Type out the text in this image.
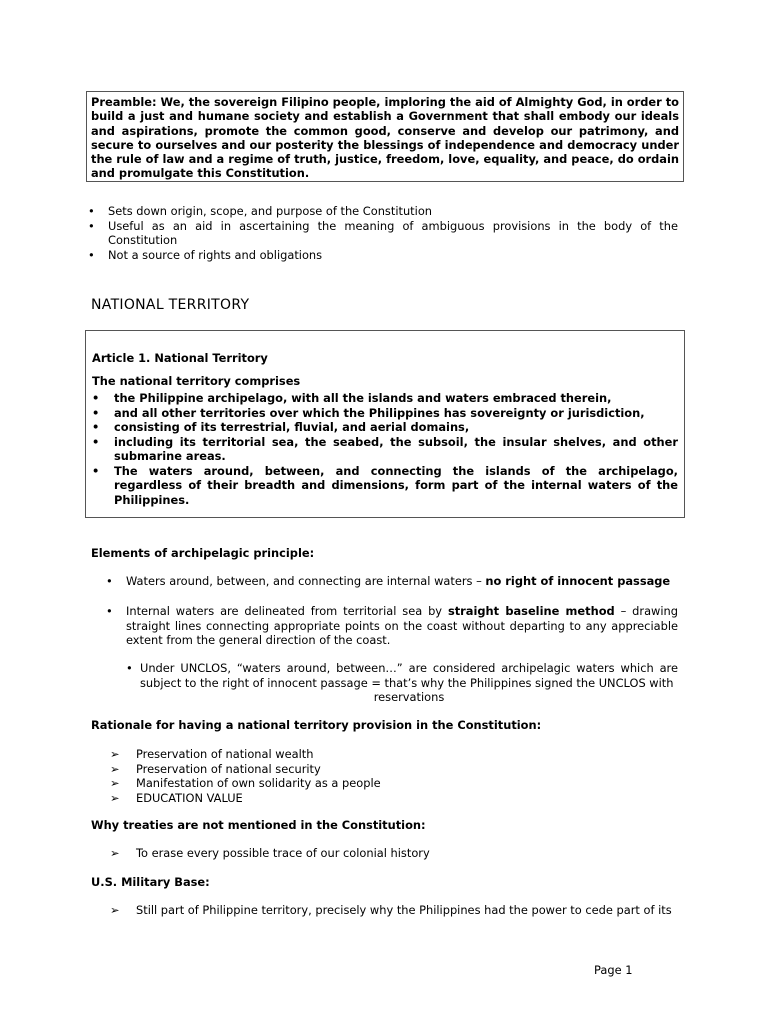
Preamble: We, the sovereign Filipino people, imploring the aid of Almighty God, in order to build a just and humane society and establish a Government that shall embody our ideals and aspirations, promote the common good, conserve and develop our patrimony, and secure to ourselves and our posterity the blessings of independence and democracy under the rule of law and a regime of truth, justice, freedom, love, equality, and peace, do ordain and promulgate this Constitution.
• Sets down origin, scope, and purpose of the Constitution
• Useful as an aid in ascertaining the meaning of ambiguous provisions in the body of the Constitution
• Not a source of rights and obligations
NATIONAL TERRITORY
Article 1. National Territory
The national territory comprises
• the Philippine archipelago, with all the islands and waters embraced therein,
• and all other territories over which the Philippines has sovereignty or jurisdiction,
• consisting of its terrestrial, fluvial, and aerial domains,
• including its territorial sea, the seabed, the subsoil, the insular shelves, and other submarine areas.
• The waters around, between, and connecting the islands of the archipelago, regardless of their breadth and dimensions, form part of the internal waters of the Philippines.
Elements of archipelagic principle:
• Waters around, between, and connecting are internal waters – no right of innocent passage
• Internal waters are delineated from territorial sea by straight baseline method – drawing straight lines connecting appropriate points on the coast without departing to any appreciable extent from the general direction of the coast.
• Under UNCLOS, “waters around, between…” are considered archipelagic waters which are subject to the right of innocent passage = that’s why the Philippines signed the UNCLOS with
reservations
Rationale for having a national territory provision in the Constitution:
➢ Preservation of national wealth
➢ Preservation of national security
➢ Manifestation of own solidarity as a people
➢ EDUCATION VALUE
Why treaties are not mentioned in the Constitution:
➢ To erase every possible trace of our colonial history
U.S. Military Base:
➢ Still part of Philippine territory, precisely why the Philippines had the power to cede part of its
Page 1
